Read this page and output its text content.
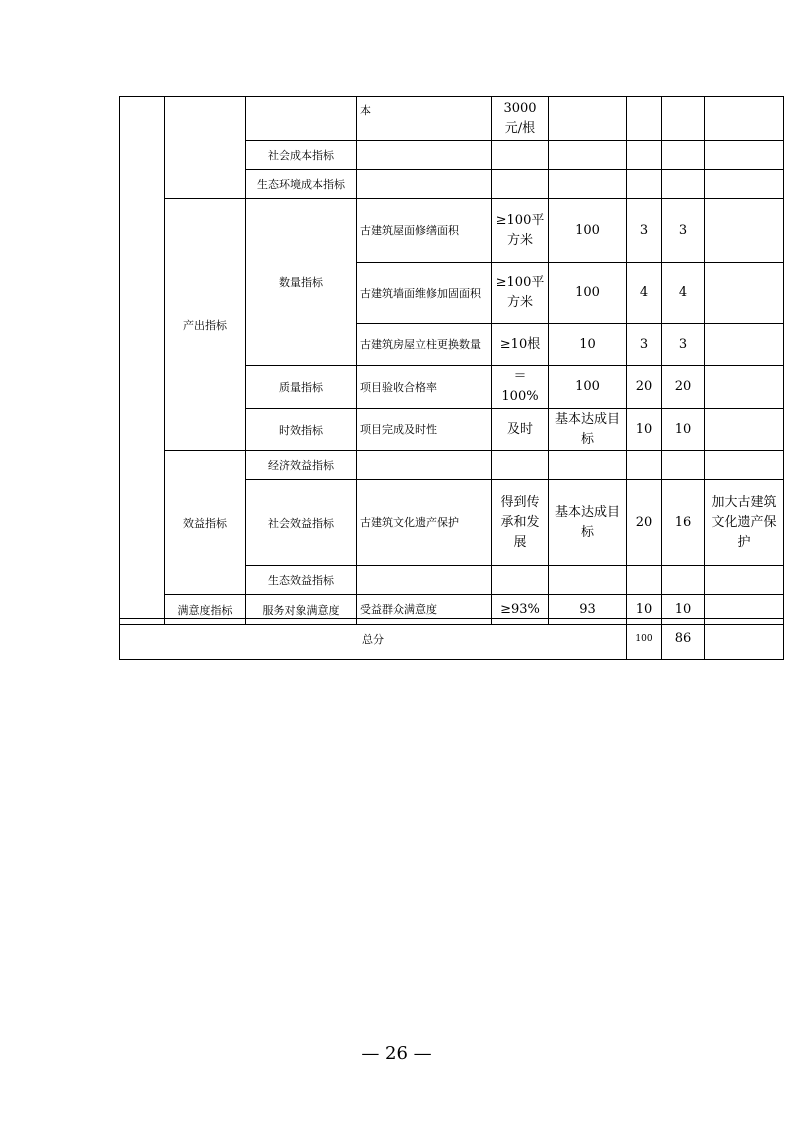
			本	3000元/根				
		社会成本指标						
		生态环境成本指标						
	产出指标	数量指标	古建筑屋面修缮面积	≥100平方米	100	3	3	
			古建筑墙面维修加固面积	≥100平方米	100	4	4	
			古建筑房屋立柱更换数量	≥10根	10	3	3	
		质量指标	项目验收合格率	＝100%	100	20	20	
		时效指标	项目完成及时性	及时	基本达成目标	10	10	
	效益指标	经济效益指标						
		社会效益指标	古建筑文化遗产保护	得到传承和发展	基本达成目标	20	16	加大古建筑文化遗产保护
		生态效益指标						
	满意度指标	服务对象满意度	受益群众满意度	≥93%	93	10	10	
总分	100	86	
— 26 —
